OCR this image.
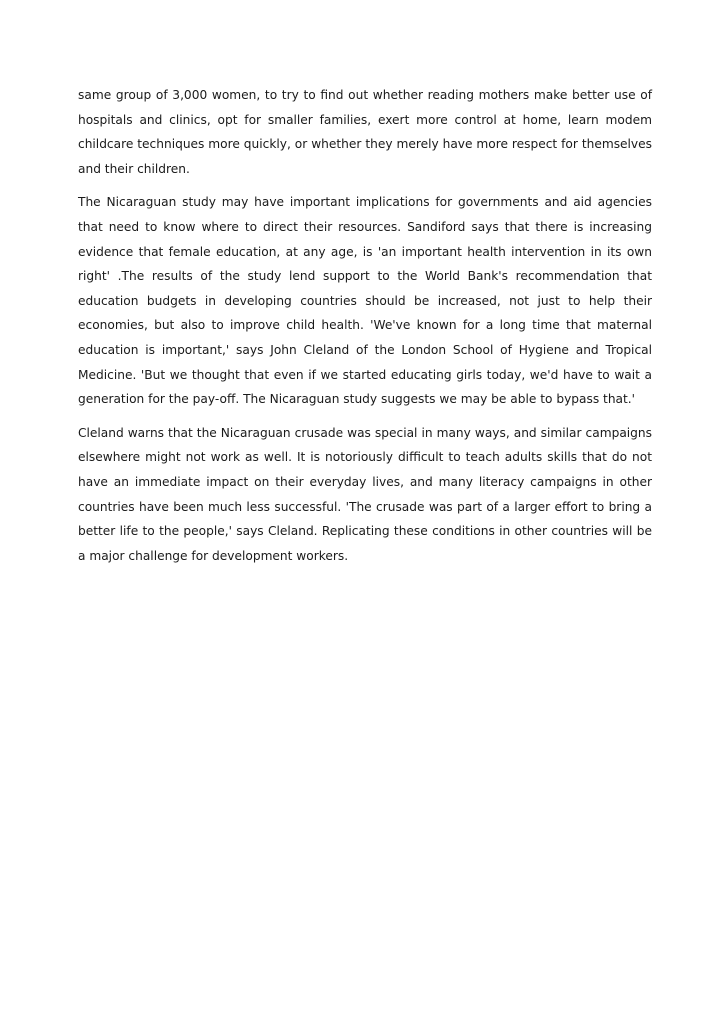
same group of 3,000 women, to try to find out whether reading mothers make better use of hospitals and clinics, opt for smaller families, exert more control at home, learn modem childcare techniques more quickly, or whether they merely have more respect for themselves and their children.

The Nicaraguan study may have important implications for governments and aid agencies that need to know where to direct their resources. Sandiford says that there is increasing evidence that female education, at any age, is 'an important health intervention in its own right' .The results of the study lend support to the World Bank's recommendation that education budgets in developing countries should be increased, not just to help their economies, but also to improve child health. 'We've known for a long time that maternal education is important,' says John Cleland of the London School of Hygiene and Tropical Medicine. 'But we thought that even if we started educating girls today, we'd have to wait a generation for the pay-off. The Nicaraguan study suggests we may be able to bypass that.'

Cleland warns that the Nicaraguan crusade was special in many ways, and similar campaigns elsewhere might not work as well. It is notoriously difficult to teach adults skills that do not have an immediate impact on their everyday lives, and many literacy campaigns in other countries have been much less successful. 'The crusade was part of a larger effort to bring a better life to the people,' says Cleland. Replicating these conditions in other countries will be a major challenge for development workers.
